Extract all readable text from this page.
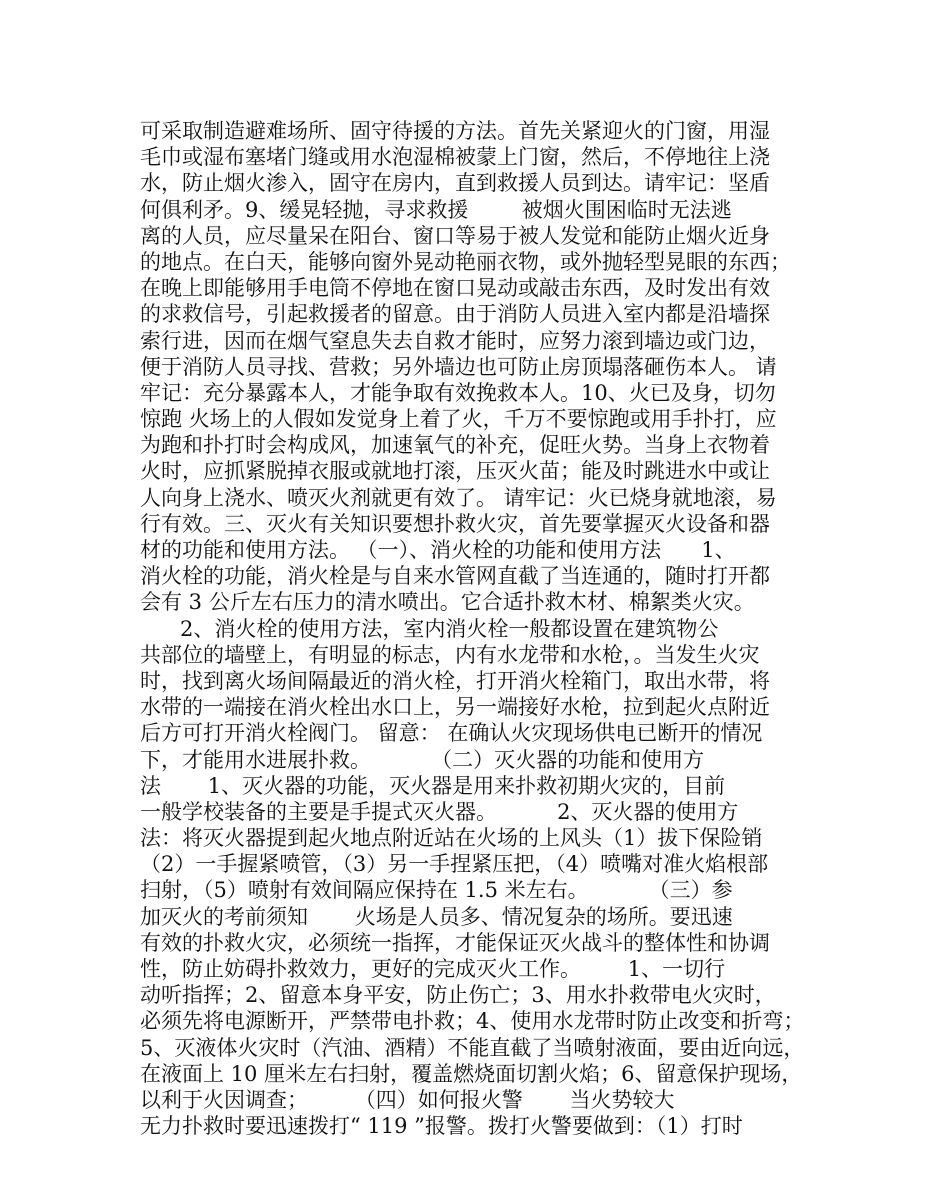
可采取制造避难场所、固守待援的方法。首先关紧迎火的门窗，用湿
毛巾或湿布塞堵门缝或用水泡湿棉被蒙上门窗，然后，不停地往上浇
水，防止烟火渗入，固守在房内，直到救援人员到达。请牢记：坚盾
何俱利矛。9、缓晃轻抛，寻求救援        被烟火围困临时无法逃
离的人员，应尽量呆在阳台、窗口等易于被人发觉和能防止烟火近身
的地点。在白天，能够向窗外晃动艳丽衣物，或外抛轻型晃眼的东西；
在晚上即能够用手电筒不停地在窗口晃动或敲击东西，及时发出有效
的求救信号，引起救援者的留意。由于消防人员进入室内都是沿墙探
索行进，因而在烟气窒息失去自救才能时，应努力滚到墙边或门边，
便于消防人员寻找、营救；另外墙边也可防止房顶塌落砸伤本人。 请
牢记：充分暴露本人，才能争取有效挽救本人。10、火已及身，切勿
惊跑 火场上的人假如发觉身上着了火，千万不要惊跑或用手扑打，应
为跑和扑打时会构成风，加速氧气的补充，促旺火势。当身上衣物着
火时，应抓紧脱掉衣服或就地打滚，压灭火苗；能及时跳进水中或让
人向身上浇水、喷灭火剂就更有效了。 请牢记：火已烧身就地滚，易
行有效。三、灭火有关知识要想扑救火灾，首先要掌握灭火设备和器
材的功能和使用方法。 （一）、消火栓的功能和使用方法      1、
消火栓的功能，消火栓是与自来水管网直截了当连通的，随时打开都
会有 3 公斤左右压力的清水喷出。它合适扑救木材、棉絮类火灾。
2、消火栓的使用方法，室内消火栓一般都设置在建筑物公
共部位的墙壁上，有明显的标志，内有水龙带和水枪，。当发生火灾
时，找到离火场间隔最近的消火栓，打开消火栓箱门，取出水带，将
水带的一端接在消火栓出水口上，另一端接好水枪，拉到起火点附近
后方可打开消火栓阀门。 留意： 在确认火灾现场供电已断开的情况
下，才能用水进展扑救。         （二）灭火器的功能和使用方
法       1、灭火器的功能，灭火器是用来扑救初期火灾的，目前
一般学校装备的主要是手提式灭火器。         2、灭火器的使用方
法：将灭火器提到起火地点附近站在火场的上风头（1）拔下保险销
（2）一手握紧喷管，（3）另一手捏紧压把，（4）喷嘴对准火焰根部
扫射，（5）喷射有效间隔应保持在 1.5 米左右。         （三）参
加灭火的考前须知       火场是人员多、情况复杂的场所。要迅速
有效的扑救火灾，必须统一指挥，才能保证灭火战斗的整体性和协调
性，防止妨碍扑救效力，更好的完成灭火工作。       1、一切行
动听指挥；2、留意本身平安，防止伤亡；3、用水扑救带电火灾时，
必须先将电源断开，严禁带电扑救；4、使用水龙带时防止改变和折弯；
5、灭液体火灾时（汽油、酒精）不能直截了当喷射液面，要由近向远，
在液面上 10 厘米左右扫射，覆盖燃烧面切割火焰；6、留意保护现场，
以利于火因调查；       （四）如何报火警       当火势较大
无力扑救时要迅速拨打“ 119 ”报警。拨打火警要做到：（1）打时
